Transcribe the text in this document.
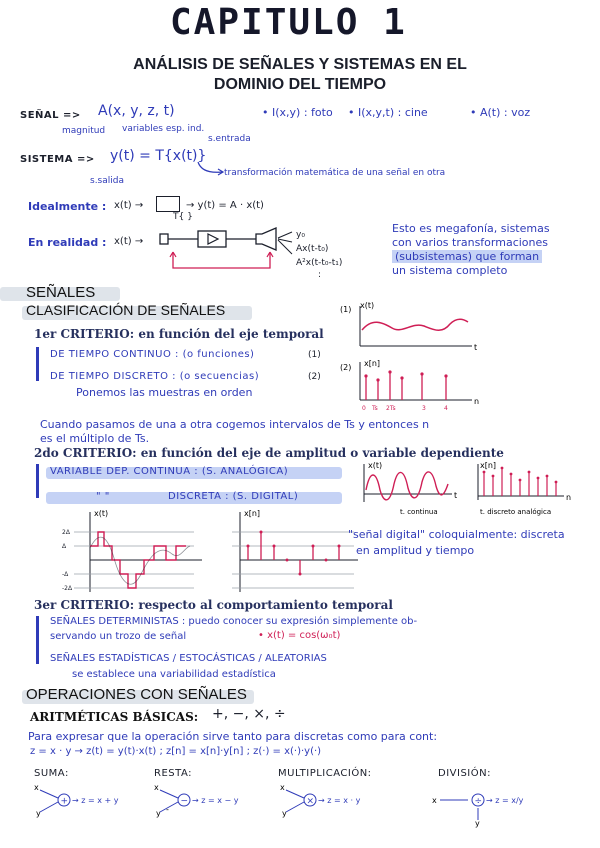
CAPITULO 1
ANÁLISIS DE SEÑALES Y SISTEMAS EN EL
DOMINIO DEL TIEMPO
SEÑAL => A(x, y, z, t)
magnitud variables esp. ind.
• I(x,y) : foto • I(x,y,t) : cine	• A(t) : voz
s.entrada
SISTEMA => y(t) = T{x(t)}
s.salida
transformación matemática de una señal en otra
Idealmente : x(t) →
T{ }
→ y(t) = A · x(t)
En realidad : x(t) →
y₀
Ax(t-t₀)
A²x(t-t₀-t₁)
:
Esto es megafonía, sistemas
con varios transformaciones
(subsistemas) que forman
un sistema completo
SEÑALES
CLASIFICACIÓN DE SEÑALES
1er CRITERIO: en función del eje temporal
DE TIEMPO CONTINUO : (o funciones)	(1)
DE TIEMPO DISCRETO : (o secuencias)	(2)
Ponemos las muestras en orden
(1) x(t)
t
(2) x[n]
n
0 Ts 2Ts	3	4
Cuando pasamos de una a otra cogemos intervalos de Ts y entonces n
es el múltiplo de Ts.
2do CRITERIO: en función del eje de amplitud o variable dependiente
VARIABLE DEP. CONTINUA : (S. ANALÓGICA)
" "	DISCRETA : (S. DIGITAL)
x(t)
t
t. continua
x[n]
n
t. discreto analógica
x(t)
2Δ
Δ
-Δ
-2Δ
x[n]
"señal digital" coloquialmente: discreta
en amplitud y tiempo
3er CRITERIO: respecto al comportamiento temporal
SEÑALES DETERMINISTAS : puedo conocer su expresión simplemente ob-
servando un trozo de señal	• x(t) = cos(ω₀t)
SEÑALES ESTADÍSTICAS / ESTOCÁSTICAS / ALEATORIAS
se establece una variabilidad estadística
OPERACIONES CON SEÑALES
ARITMÉTICAS BÁSICAS: +, −, ×, ÷
Para expresar que la operación sirve tanto para discretas como para cont:
z = x · y → z(t) = y(t)·x(t) ; z[n] = x[n]·y[n] ; z(·) = x(·)·y(·)
SUMA:	RESTA:	MULTIPLICACIÓN:	DIVISIÓN:
x
y
+ → z = x + y
x
y -
− → z = x − y
x
y
× → z = x · y	x
y
÷ → z = x/y
